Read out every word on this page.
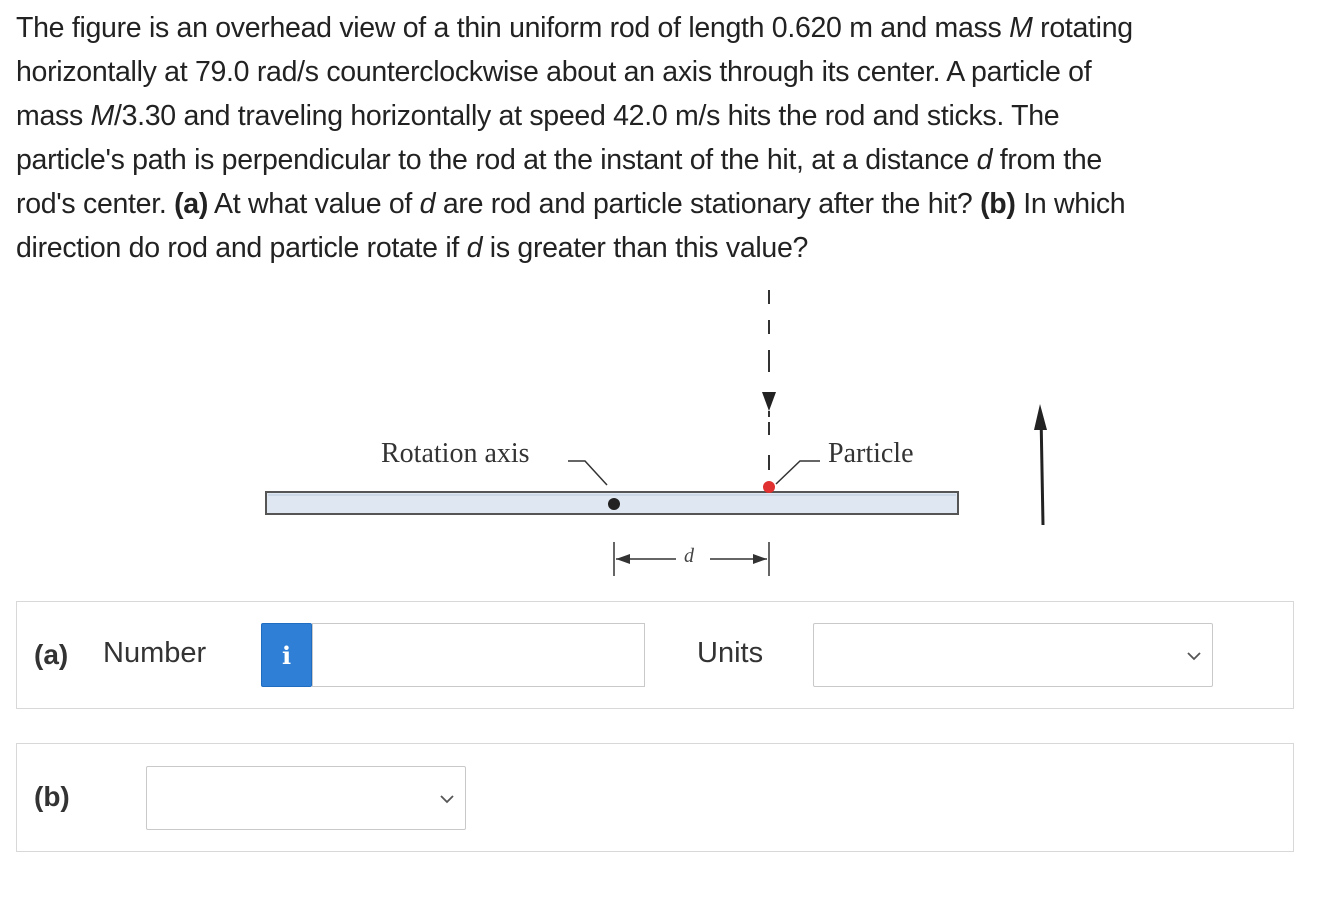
The figure is an overhead view of a thin uniform rod of length 0.620 m and mass M rotating

horizontally at 79.0 rad/s counterclockwise about an axis through its center. A particle of

mass M/3.30 and traveling horizontally at speed 42.0 m/s hits the rod and sticks. The

particle's path is perpendicular to the rod at the instant of the hit, at a distance d from the

rod's center. (a) At what value of d are rod and particle stationary after the hit? (b) In which

direction do rod and particle rotate if d is greater than this value?

Rotation axis	Particle
d
(a) Number	i	Units
(b)
